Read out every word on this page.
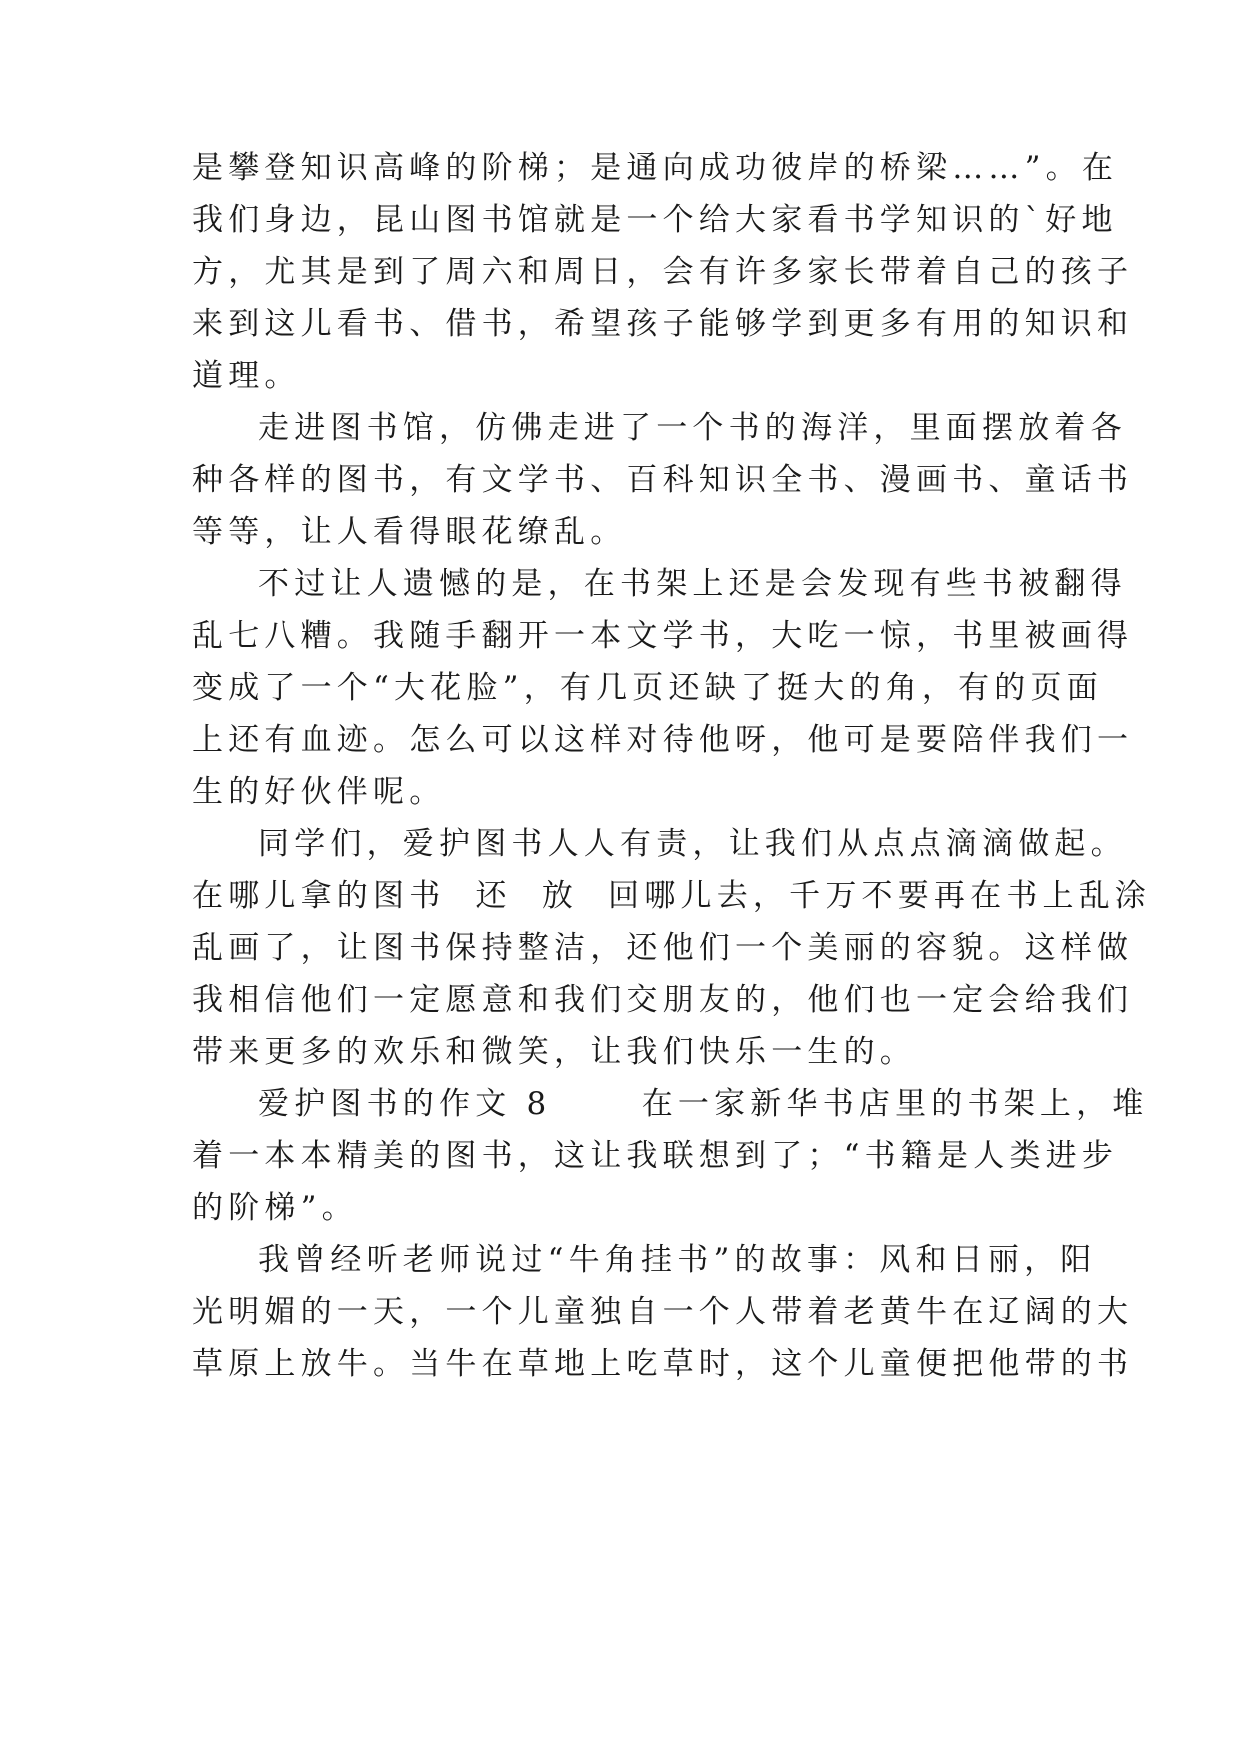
是攀登知识高峰的阶梯；是通向成功彼岸的桥梁……”。在
我们身边，昆山图书馆就是一个给大家看书学知识的`好地
方，尤其是到了周六和周日，会有许多家长带着自己的孩子
来到这儿看书、借书，希望孩子能够学到更多有用的知识和
道理。
走进图书馆，仿佛走进了一个书的海洋，里面摆放着各
种各样的图书，有文学书、百科知识全书、漫画书、童话书
等等，让人看得眼花缭乱。
不过让人遗憾的是，在书架上还是会发现有些书被翻得
乱七八糟。我随手翻开一本文学书，大吃一惊，书里被画得
变成了一个“大花脸”，有几页还缺了挺大的角，有的页面
上还有血迹。怎么可以这样对待他呀，他可是要陪伴我们一
生的好伙伴呢。
同学们，爱护图书人人有责，让我们从点点滴滴做起。
在哪儿拿的图书  还  放  回哪儿去，千万不要再在书上乱涂
乱画了，让图书保持整洁，还他们一个美丽的容貌。这样做
我相信他们一定愿意和我们交朋友的，他们也一定会给我们
带来更多的欢乐和微笑，让我们快乐一生的。
爱护图书的作文 8      在一家新华书店里的书架上，堆
着一本本精美的图书，这让我联想到了；“书籍是人类进步
的阶梯”。
我曾经听老师说过“牛角挂书”的故事：风和日丽，阳
光明媚的一天，一个儿童独自一个人带着老黄牛在辽阔的大
草原上放牛。当牛在草地上吃草时，这个儿童便把他带的书
